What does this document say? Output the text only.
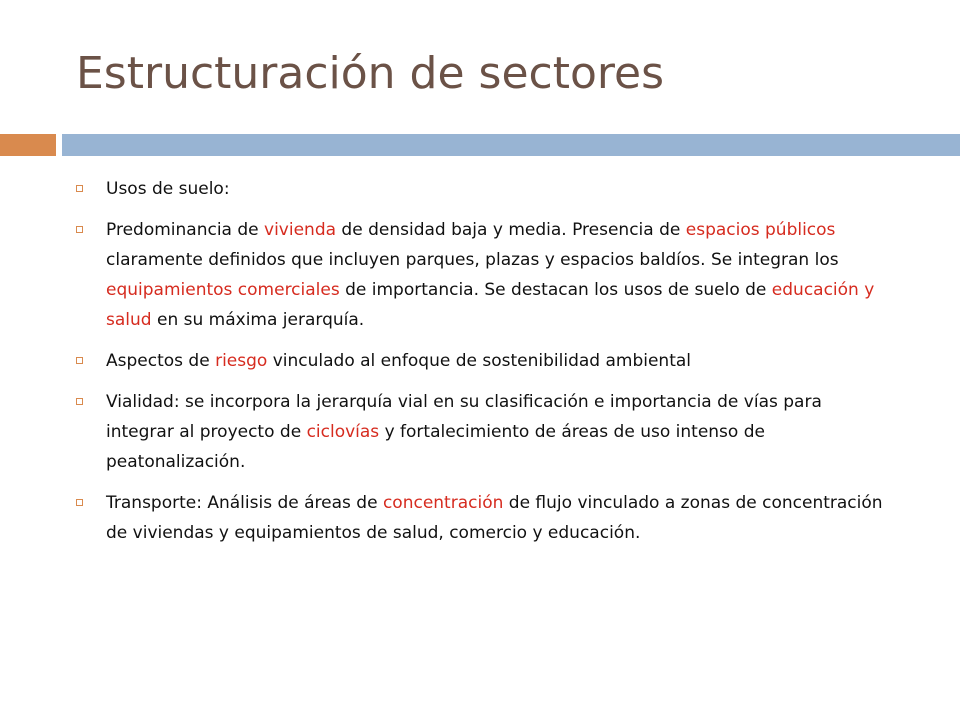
Estructuración de sectores
Usos de suelo:
Predominancia de vivienda de densidad baja y media. Presencia de espacios públicos claramente definidos que incluyen parques, plazas y espacios baldíos. Se integran los equipamientos comerciales de importancia. Se destacan los usos de suelo de educación y salud en su máxima jerarquía.
Aspectos de riesgo vinculado al enfoque de sostenibilidad ambiental
Vialidad: se incorpora la jerarquía vial en su clasificación e importancia de vías para integrar al proyecto de ciclovías y fortalecimiento de áreas de uso intenso de peatonalización.
Transporte: Análisis de áreas de concentración de flujo vinculado a zonas de concentración de viviendas y equipamientos de salud, comercio y educación.
